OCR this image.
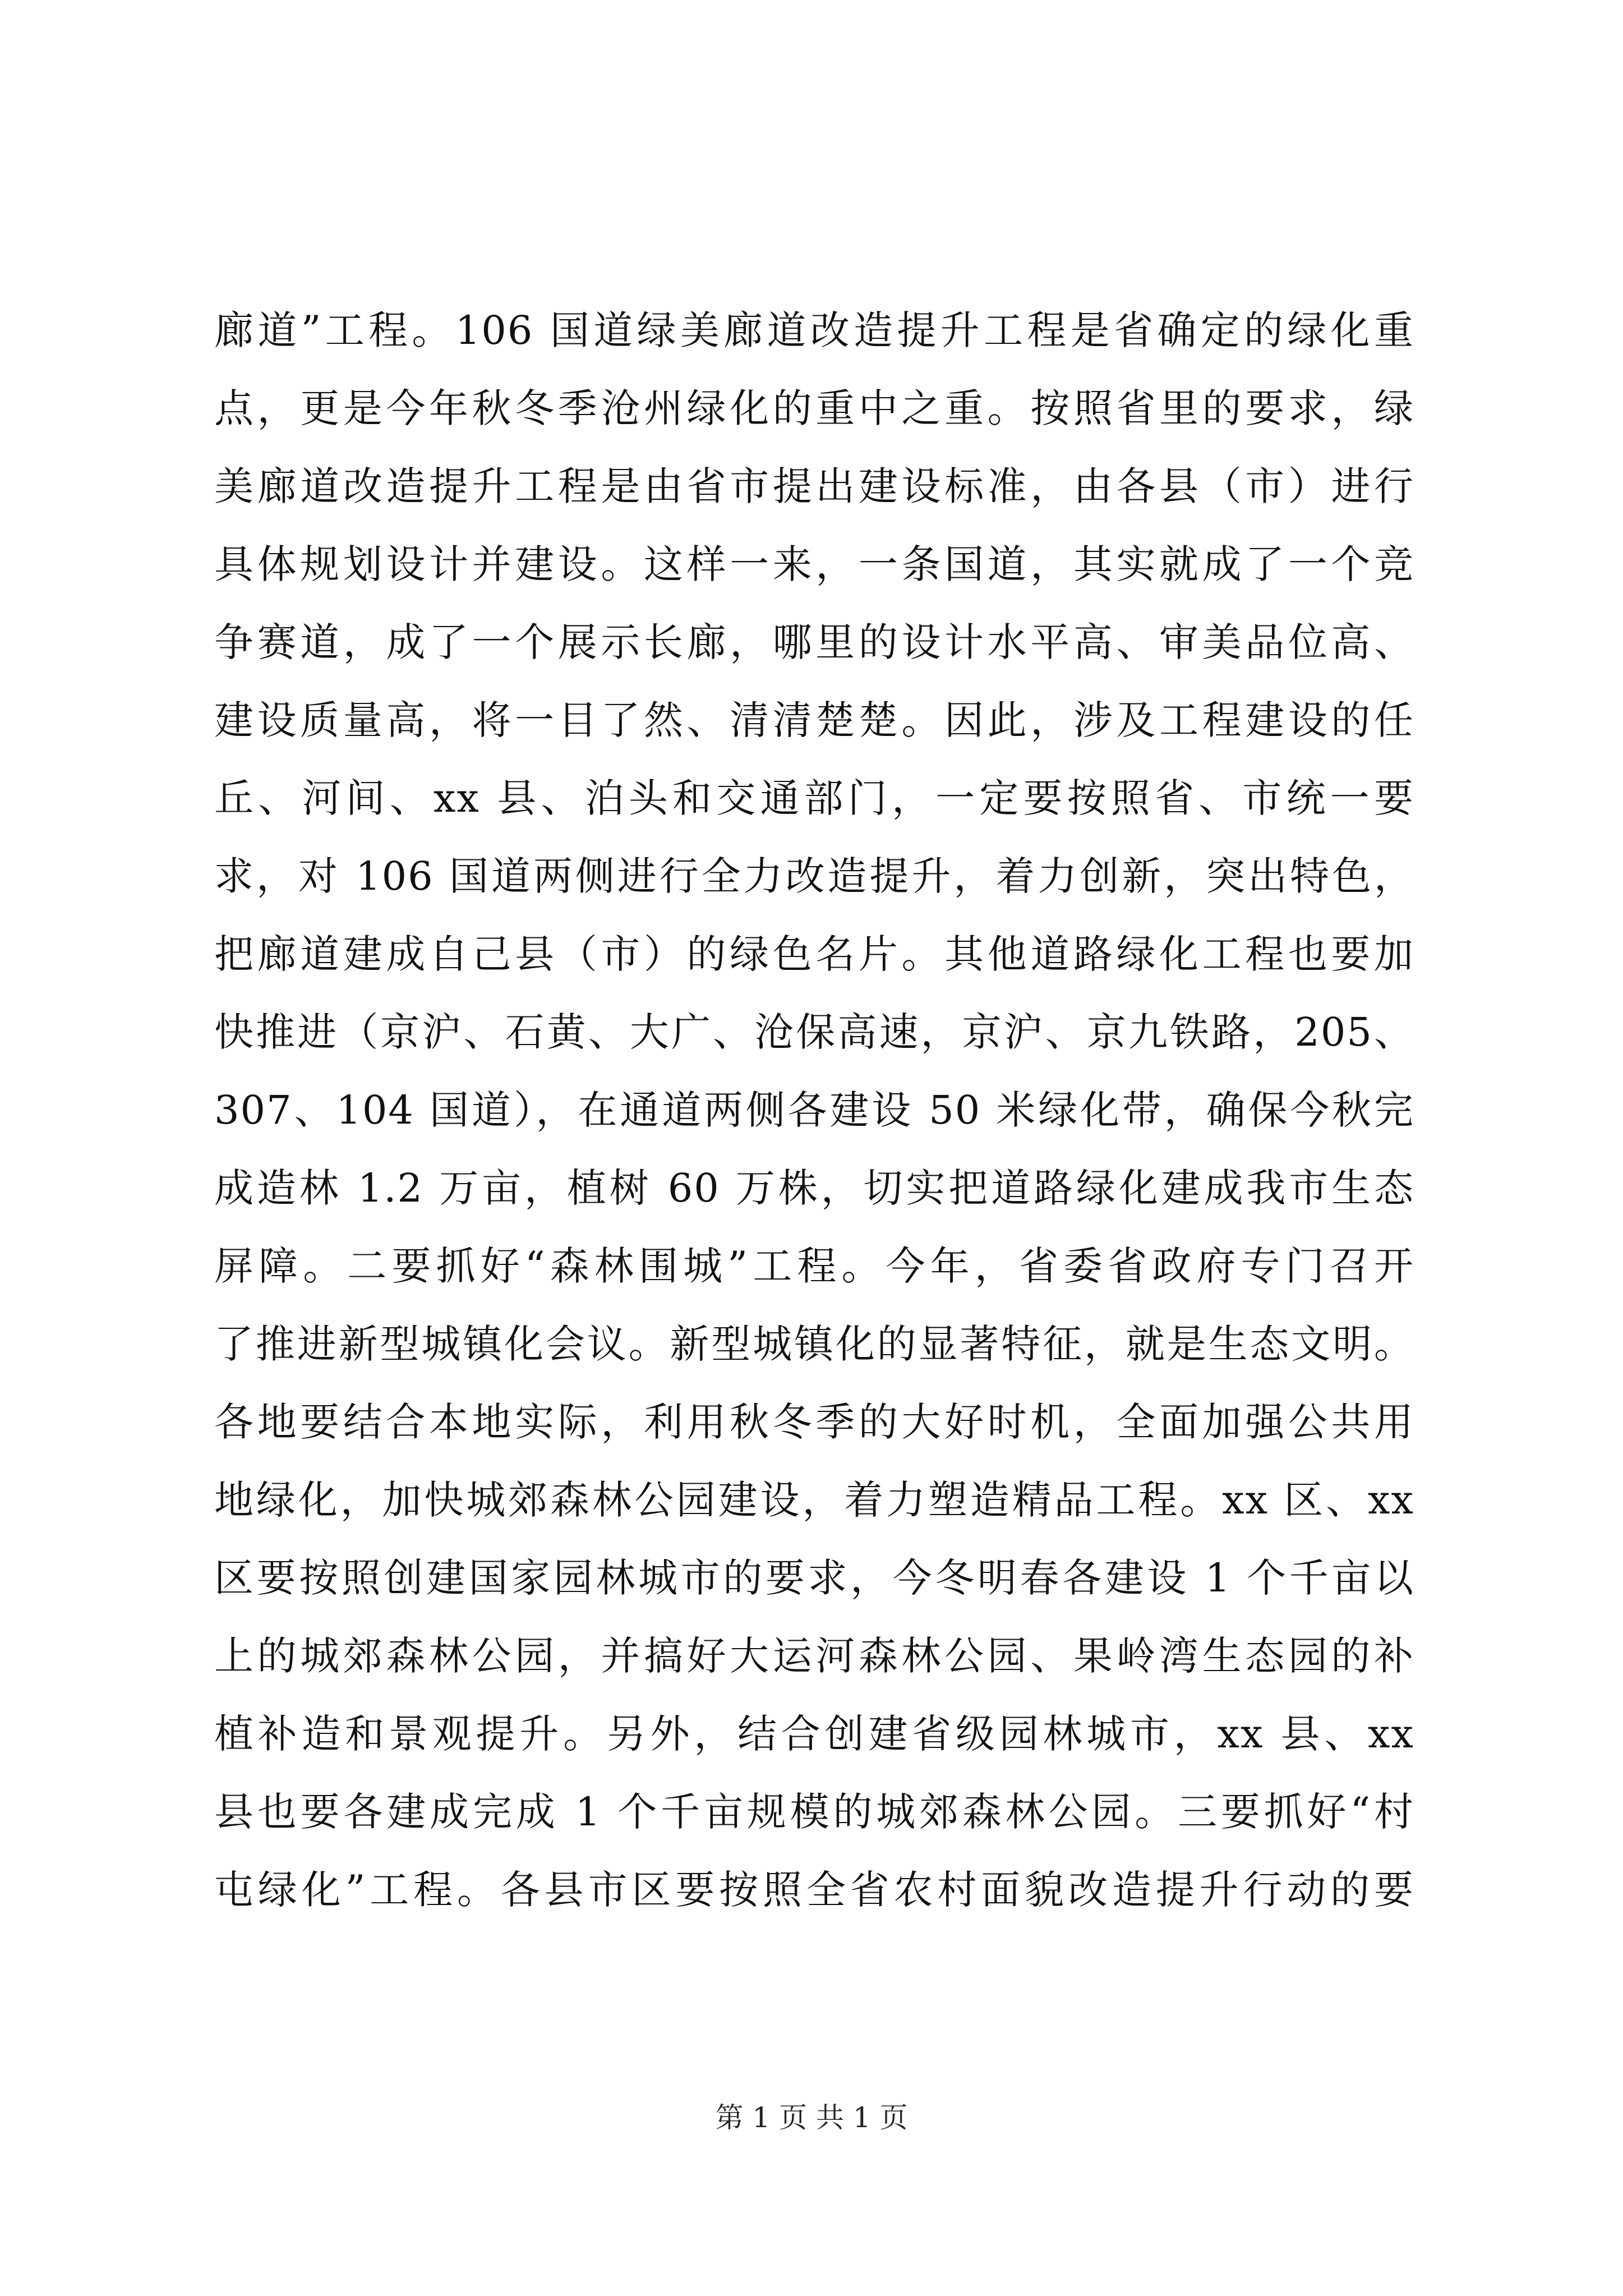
廊道”工程。106 国道绿美廊道改造提升工程是省确定的绿化重
点，更是今年秋冬季沧州绿化的重中之重。按照省里的要求，绿
美廊道改造提升工程是由省市提出建设标准，由各县（市）进行
具体规划设计并建设。这样一来，一条国道，其实就成了一个竞
争赛道，成了一个展示长廊，哪里的设计水平高、审美品位高、
建设质量高，将一目了然、清清楚楚。因此，涉及工程建设的任
丘、河间、xx 县、泊头和交通部门，一定要按照省、市统一要
求，对 106 国道两侧进行全力改造提升，着力创新，突出特色，
把廊道建成自己县（市）的绿色名片。其他道路绿化工程也要加
快推进（京沪、石黄、大广、沧保高速，京沪、京九铁路，205、
307、104 国道），在通道两侧各建设 50 米绿化带，确保今秋完
成造林 1.2 万亩，植树 60 万株，切实把道路绿化建成我市生态
屏障。二要抓好“森林围城”工程。今年，省委省政府专门召开
了推进新型城镇化会议。新型城镇化的显著特征，就是生态文明。
各地要结合本地实际，利用秋冬季的大好时机，全面加强公共用
地绿化，加快城郊森林公园建设，着力塑造精品工程。xx 区、xx
区要按照创建国家园林城市的要求，今冬明春各建设 1 个千亩以
上的城郊森林公园，并搞好大运河森林公园、果岭湾生态园的补
植补造和景观提升。另外，结合创建省级园林城市，xx 县、xx
县也要各建成完成 1 个千亩规模的城郊森林公园。三要抓好“村
屯绿化”工程。各县市区要按照全省农村面貌改造提升行动的要
第 1 页 共 1 页
